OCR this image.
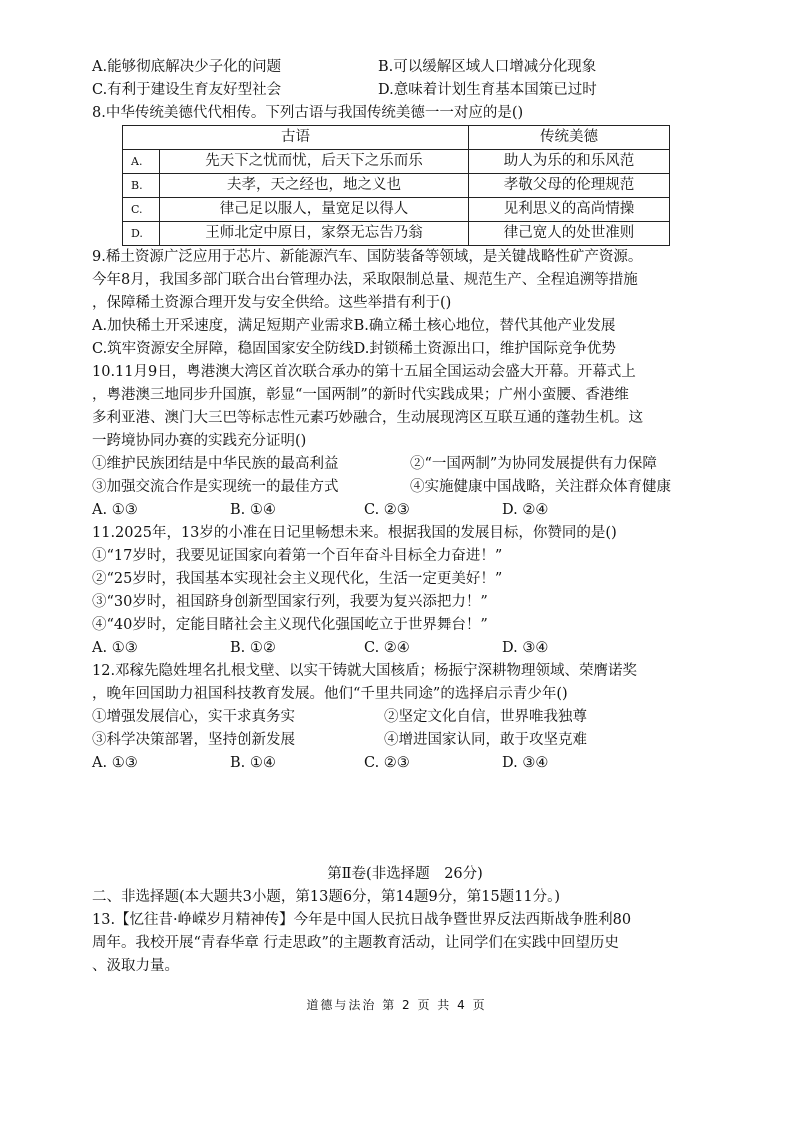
A.能够彻底解决少子化的问题	B.可以缓解区域人口增减分化现象
C.有利于建设生育友好型社会	D.意味着计划生育基本国策已过时
8.中华传统美德代代相传。下列古语与我国传统美德一一对应的是()
古语		传统美德
A.	先天下之忧而忧，后天下之乐而乐	助人为乐的和乐风范
B.	夫孝，天之经也，地之义也	孝敬父母的伦理规范
C.	律己足以服人，量宽足以得人	见利思义的高尚情操
D.	王师北定中原日，家祭无忘告乃翁	律己宽人的处世准则
9.稀土资源广泛应用于芯片、新能源汽车、国防装备等领域，是关键战略性矿产资源。
今年8月，我国多部门联合出台管理办法，采取限制总量、规范生产、全程追溯等措施
，保障稀土资源合理开发与安全供给。这些举措有利于()
A.加快稀土开采速度，满足短期产业需求B.确立稀土核心地位，替代其他产业发展
C.筑牢资源安全屏障，稳固国家安全防线D.封锁稀土资源出口，维护国际竞争优势
10.11月9日，粤港澳大湾区首次联合承办的第十五届全国运动会盛大开幕。开幕式上
，粤港澳三地同步升国旗，彰显“一国两制”的新时代实践成果；广州小蛮腰、香港维
多利亚港、澳门大三巴等标志性元素巧妙融合，生动展现湾区互联互通的蓬勃生机。这
一跨境协同办赛的实践充分证明()
①维护民族团结是中华民族的最高利益	②“一国两制”为协同发展提供有力保障
③加强交流合作是实现统一的最佳方式	④实施健康中国战略，关注群众体育健康
A. ①③	B. ①④	C. ②③	D. ②④
11.2025年，13岁的小准在日记里畅想未来。根据我国的发展目标，你赞同的是()
①“17岁时，我要见证国家向着第一个百年奋斗目标全力奋进！”
②“25岁时，我国基本实现社会主义现代化，生活一定更美好！”
③“30岁时，祖国跻身创新型国家行列，我要为复兴添把力！”
④“40岁时，定能目睹社会主义现代化强国屹立于世界舞台！”
A. ①③	B. ①②	C. ②④	D. ③④
12.邓稼先隐姓埋名扎根戈壁、以实干铸就大国核盾；杨振宁深耕物理领域、荣膺诺奖
，晚年回国助力祖国科技教育发展。他们“千里共同途”的选择启示青少年()
①增强发展信心，实干求真务实	②坚定文化自信，世界唯我独尊
③科学决策部署，坚持创新发展	④增进国家认同，敢于攻坚克难
A. ①③	B. ①④	C. ②③	D. ③④
第Ⅱ卷(非选择题　26分)
二、非选择题(本大题共3小题，第13题6分，第14题9分，第15题11分。)
13.【忆往昔·峥嵘岁月精神传】今年是中国人民抗日战争暨世界反法西斯战争胜利80
周年。我校开展“青春华章 行走思政”的主题教育活动，让同学们在实践中回望历史
、汲取力量。
道德与法治 第 2 页 共 4 页
